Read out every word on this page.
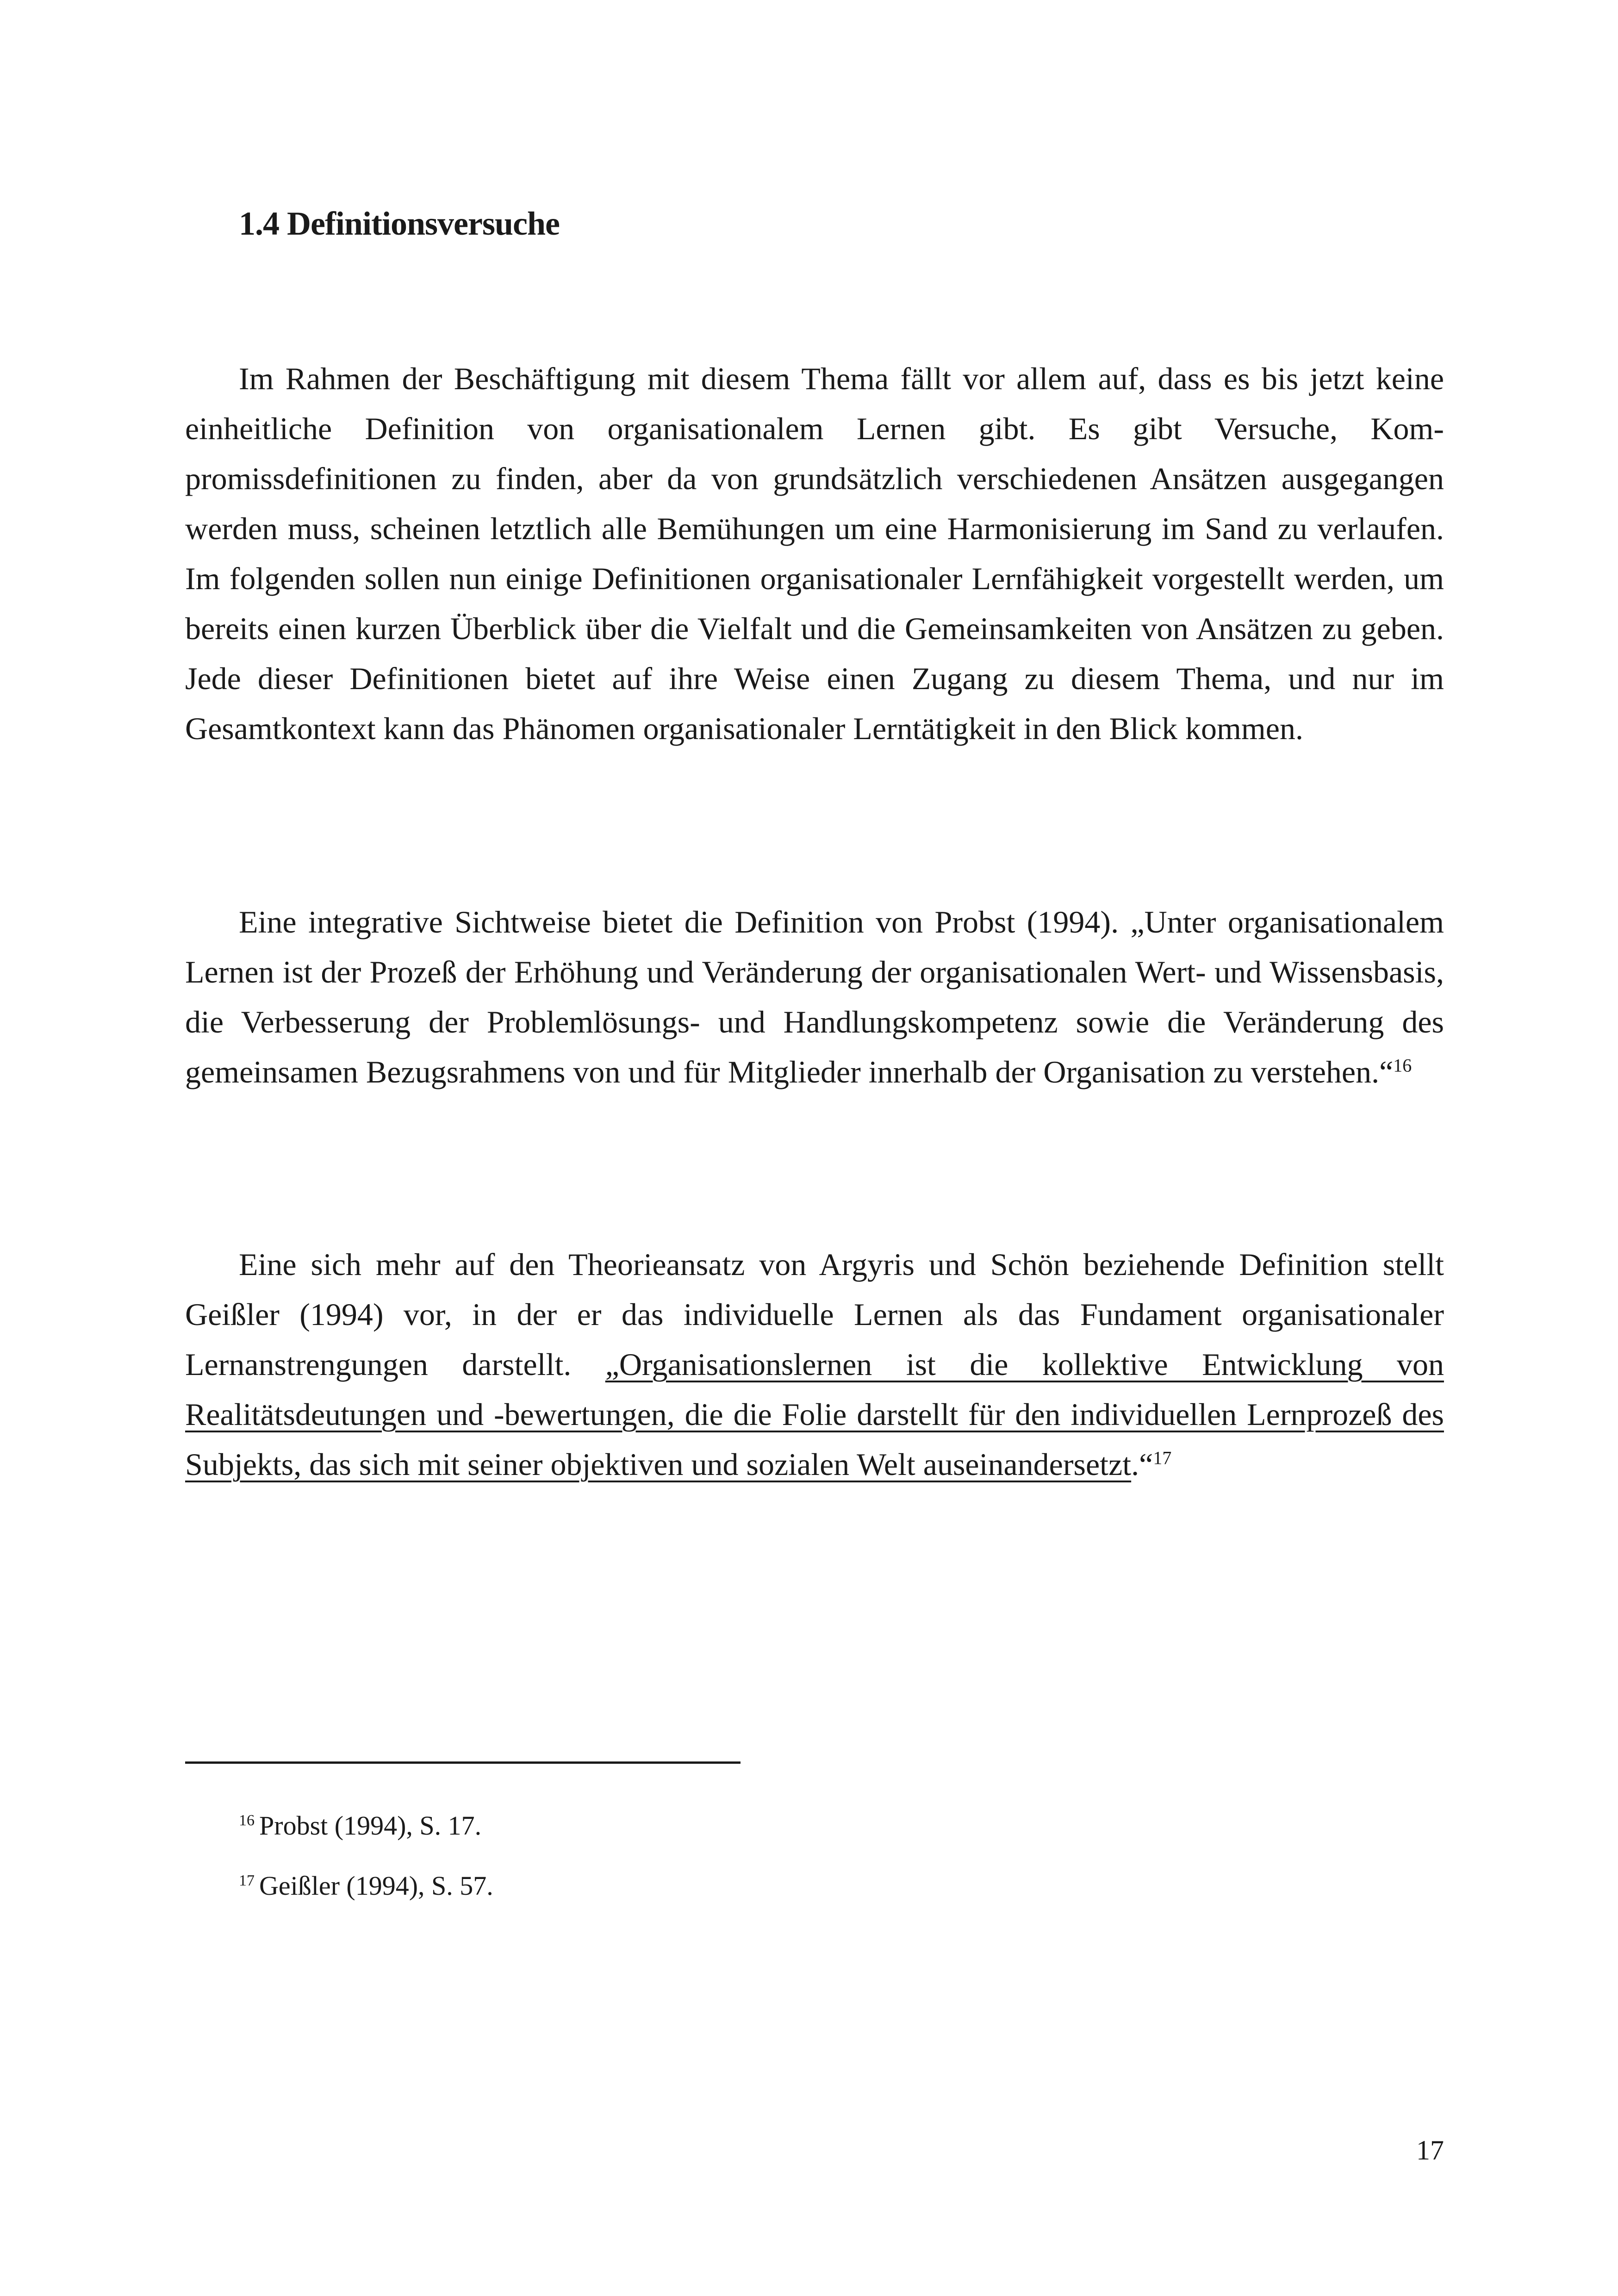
1.4 Definitionsversuche

Im Rahmen der Beschäftigung mit diesem Thema fällt vor allem auf, dass es bis jetzt keine einheitliche Definition von organisationalem Lernen gibt. Es gibt Versuche, Kompromissdefinitionen zu finden, aber da von grundsätzlich verschiedenen Ansätzen ausgegangen werden muss, scheinen letztlich alle Bemühungen um eine Harmonisierung im Sand zu verlaufen. Im folgenden sollen nun einige Definitionen organisationaler Lernfähigkeit vorgestellt werden, um bereits einen kurzen Überblick über die Vielfalt und die Gemeinsamkeiten von Ansätzen zu geben. Jede dieser Definitionen bietet auf ihre Weise einen Zugang zu diesem Thema, und nur im Gesamtkontext kann das Phänomen organisationaler Lerntätigkeit in den Blick kommen.

Eine integrative Sichtweise bietet die Definition von Probst (1994). „Unter organisationalem Lernen ist der Prozeß der Erhöhung und Veränderung der organisationalen Wert- und Wissensbasis, die Verbesserung der Problemlösungs- und Handlungskompetenz sowie die Veränderung des gemeinsamen Bezugsrahmens von und für Mitglieder innerhalb der Organisation zu verstehen.“$^{16}$

Eine sich mehr auf den Theorieansatz von Argyris und Schön beziehende Definition stellt Geißler (1994) vor, in der er das individuelle Lernen als das Fundament organisationaler Lernanstrengungen darstellt. „Organisationslernen ist die kollektive Entwicklung von Realitätsdeutungen und -bewertungen, die die Folie darstellt für den individuellen Lernprozeß des Subjekts, das sich mit seiner objektiven und sozialen Welt auseinandersetzt.“$^{17}$

$^{16}$ Probst (1994), S. 17.

$^{17}$ Geißler (1994), S. 57.

17
